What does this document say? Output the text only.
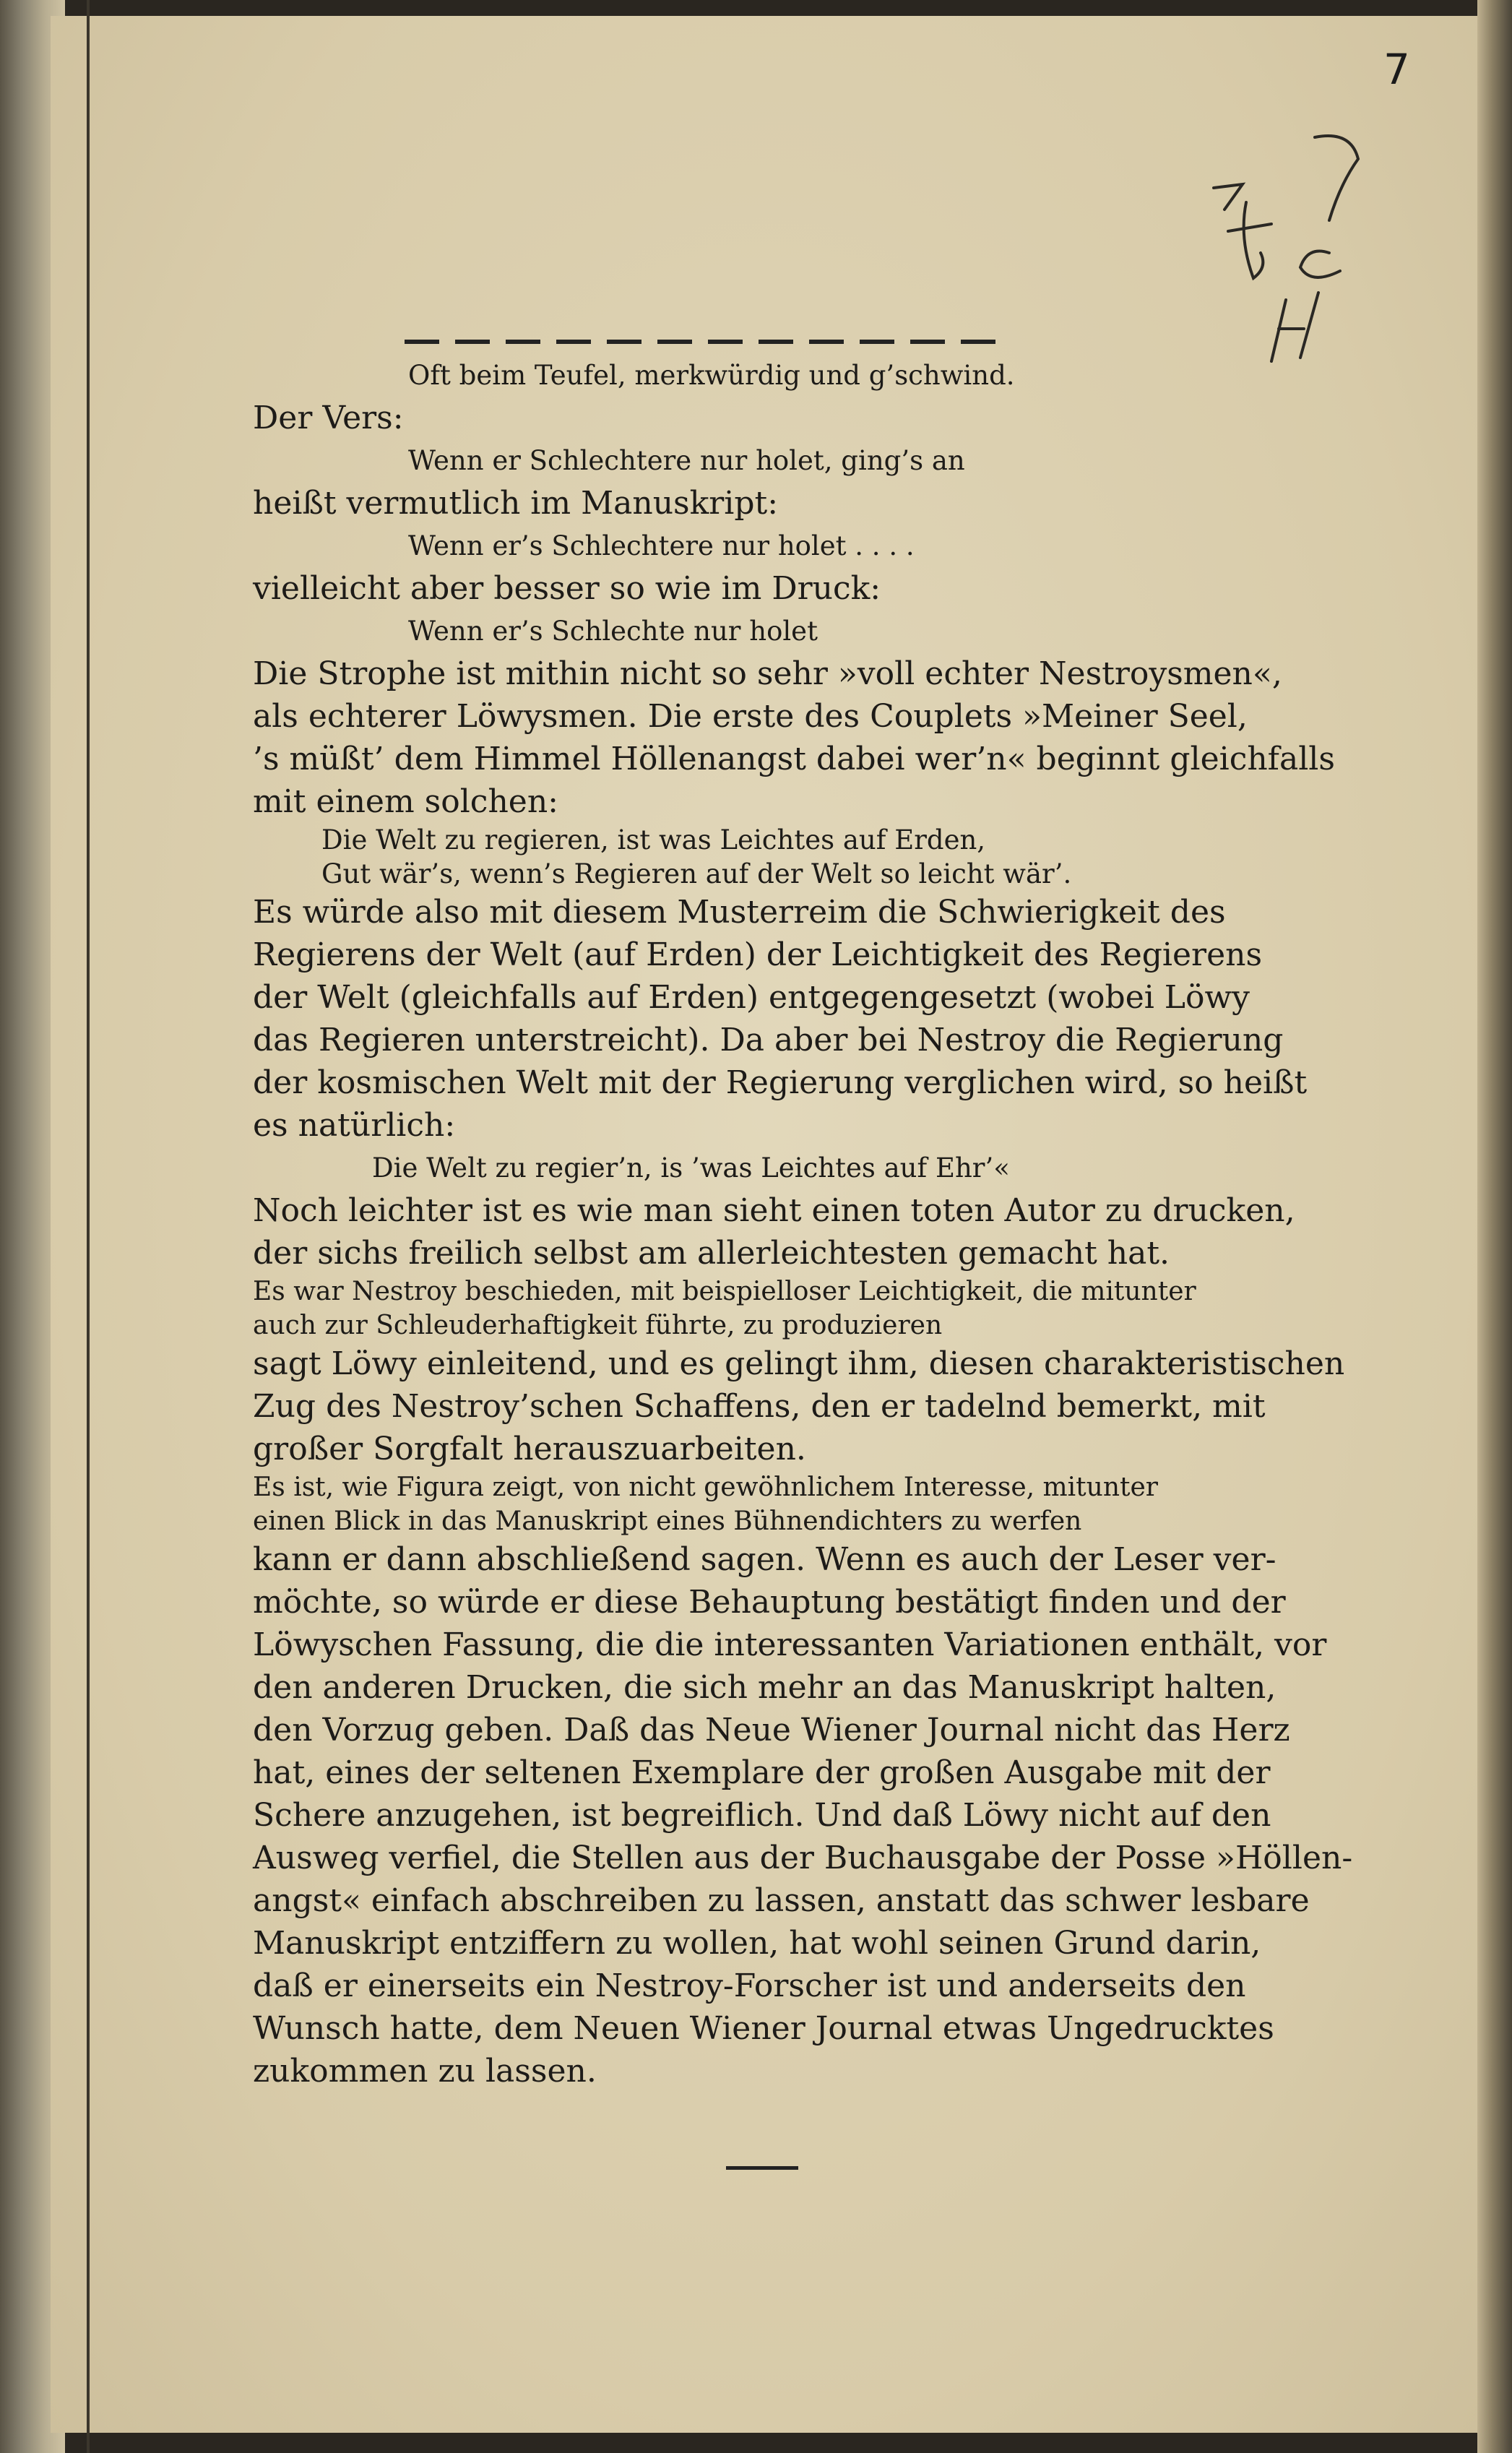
7
Oft beim Teufel, merkwürdig und g’schwind.
Der Vers:
Wenn er Schlechtere nur holet, ging’s an
heißt vermutlich im Manuskript:
Wenn er’s Schlechtere nur holet . . . .
vielleicht aber besser so wie im Druck:
Wenn er’s Schlechte nur holet
Die Strophe ist mithin nicht so sehr »voll echter Nestroysmen«,
als echterer Löwysmen. Die erste des Couplets »Meiner Seel,
’s müßt’ dem Himmel Höllenangst dabei wer’n« beginnt gleichfalls
mit einem solchen:
Die Welt zu regieren, ist was Leichtes auf Erden,
Gut wär’s, wenn’s Regieren auf der Welt so leicht wär’.
Es würde also mit diesem Musterreim die Schwierigkeit des
Regierens der Welt (auf Erden) der Leichtigkeit des Regierens
der Welt (gleichfalls auf Erden) entgegengesetzt (wobei Löwy
das Regieren unterstreicht). Da aber bei Nestroy die Regierung
der kosmischen Welt mit der Regierung verglichen wird, so heißt
es natürlich:
Die Welt zu regier’n, is ’was Leichtes auf Ehr’«
Noch leichter ist es wie man sieht einen toten Autor zu drucken,
der sichs freilich selbst am allerleichtesten gemacht hat.
Es war Nestroy beschieden, mit beispielloser Leichtigkeit, die mitunter
auch zur Schleuderhaftigkeit führte, zu produzieren
sagt Löwy einleitend, und es gelingt ihm, diesen charakteristischen
Zug des Nestroy’schen Schaffens, den er tadelnd bemerkt, mit
großer Sorgfalt herauszuarbeiten.
Es ist, wie Figura zeigt, von nicht gewöhnlichem Interesse, mitunter
einen Blick in das Manuskript eines Bühnendichters zu werfen
kann er dann abschließend sagen. Wenn es auch der Leser ver-
möchte, so würde er diese Behauptung bestätigt finden und der
Löwyschen Fassung, die die interessanten Variationen enthält, vor
den anderen Drucken, die sich mehr an das Manuskript halten,
den Vorzug geben. Daß das Neue Wiener Journal nicht das Herz
hat, eines der seltenen Exemplare der großen Ausgabe mit der
Schere anzugehen, ist begreiflich. Und daß Löwy nicht auf den
Ausweg verfiel, die Stellen aus der Buchausgabe der Posse »Höllen-
angst« einfach abschreiben zu lassen, anstatt das schwer lesbare
Manuskript entziffern zu wollen, hat wohl seinen Grund darin,
daß er einerseits ein Nestroy-Forscher ist und anderseits den
Wunsch hatte, dem Neuen Wiener Journal etwas Ungedrucktes
zukommen zu lassen.
